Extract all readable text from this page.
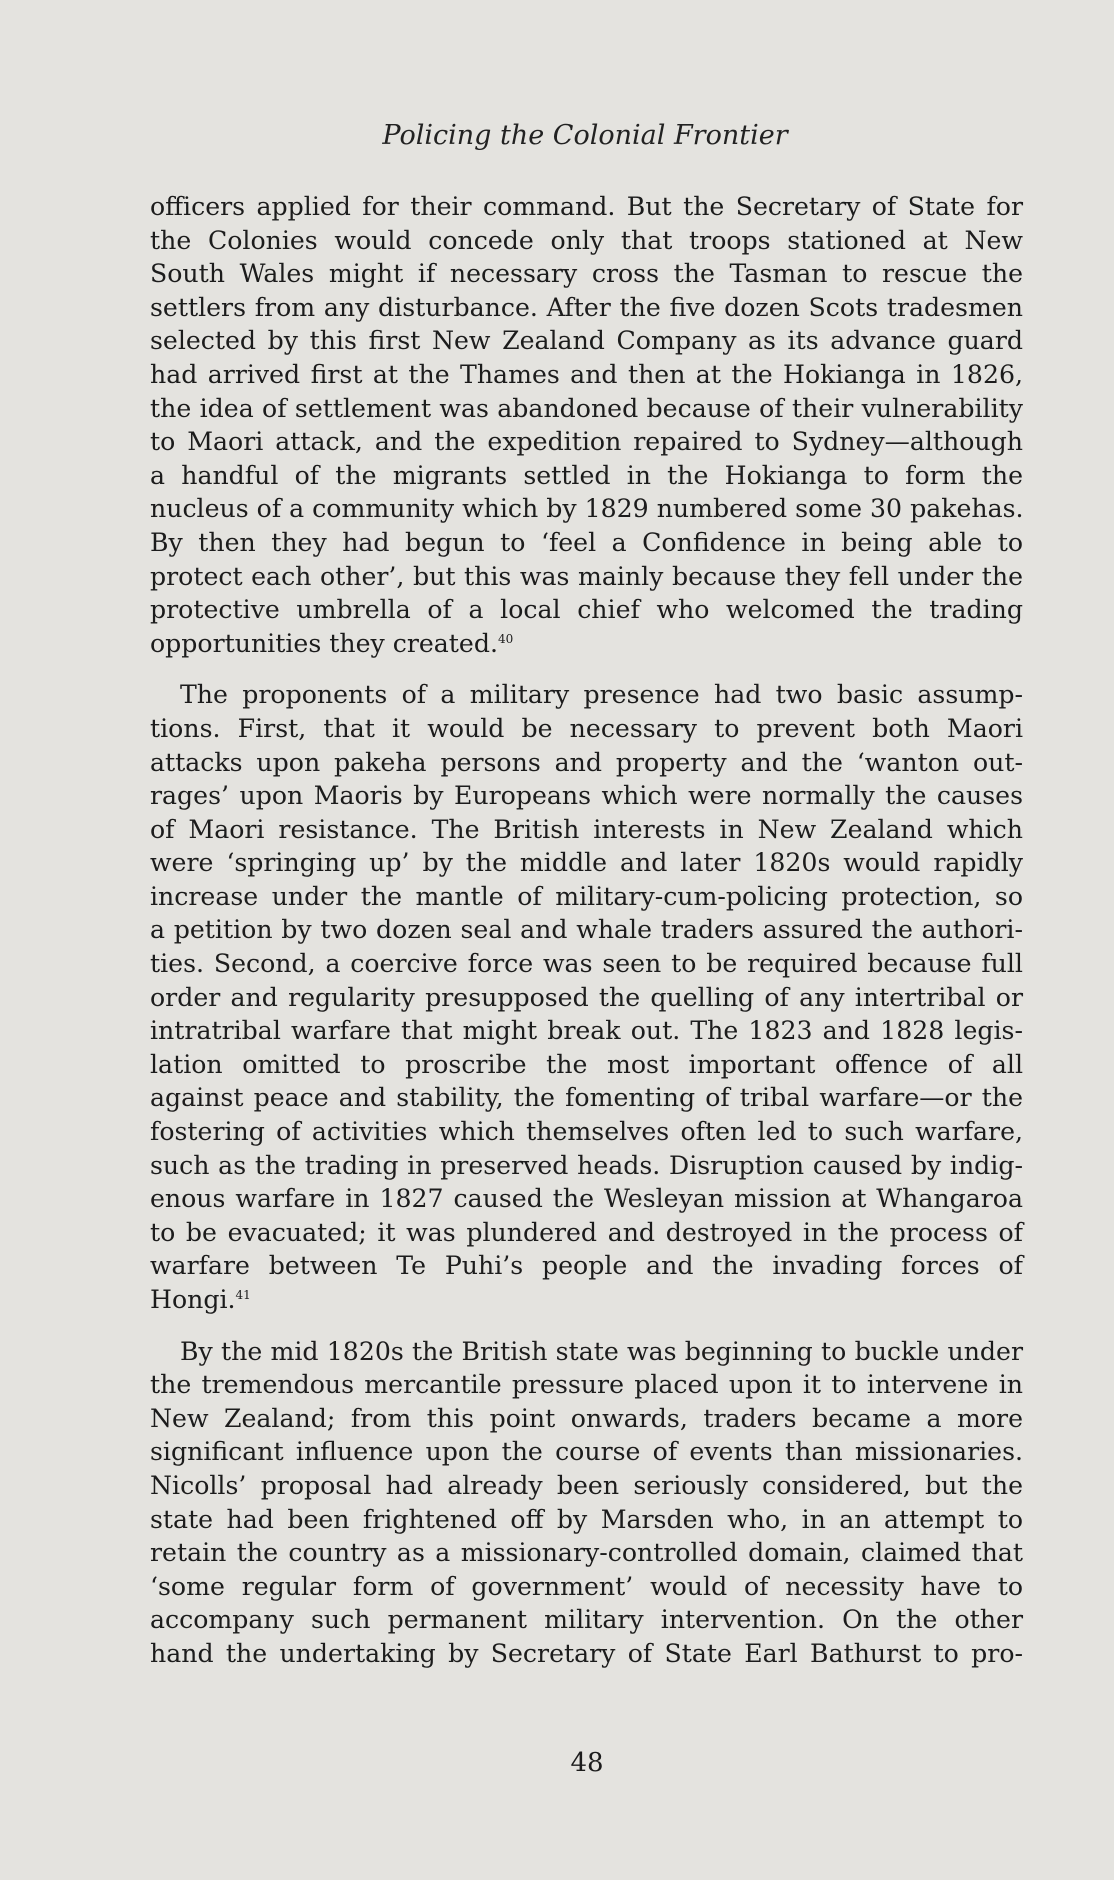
Policing the Colonial Frontier
officers applied for their command. But the Secretary of State for
the Colonies would concede only that troops stationed at New
South Wales might if necessary cross the Tasman to rescue the
settlers from any disturbance. After the five dozen Scots tradesmen
selected by this first New Zealand Company as its advance guard
had arrived first at the Thames and then at the Hokianga in 1826,
the idea of settlement was abandoned because of their vulnerability
to Maori attack, and the expedition repaired to Sydney—although
a handful of the migrants settled in the Hokianga to form the
nucleus of a community which by 1829 numbered some 30 pakehas.
By then they had begun to ‘feel a Confidence in being able to
protect each other’, but this was mainly because they fell under the
protective umbrella of a local chief who welcomed the trading
opportunities they created.$^{40}$
The proponents of a military presence had two basic assump-
tions. First, that it would be necessary to prevent both Maori
attacks upon pakeha persons and property and the ‘wanton out-
rages’ upon Maoris by Europeans which were normally the causes
of Maori resistance. The British interests in New Zealand which
were ‘springing up’ by the middle and later 1820s would rapidly
increase under the mantle of military-cum-policing protection, so
a petition by two dozen seal and whale traders assured the authori-
ties. Second, a coercive force was seen to be required because full
order and regularity presupposed the quelling of any intertribal or
intratribal warfare that might break out. The 1823 and 1828 legis-
lation omitted to proscribe the most important offence of all
against peace and stability, the fomenting of tribal warfare—or the
fostering of activities which themselves often led to such warfare,
such as the trading in preserved heads. Disruption caused by indig-
enous warfare in 1827 caused the Wesleyan mission at Whangaroa
to be evacuated; it was plundered and destroyed in the process of
warfare between Te Puhi’s people and the invading forces of
Hongi.$^{41}$
By the mid 1820s the British state was beginning to buckle under
the tremendous mercantile pressure placed upon it to intervene in
New Zealand; from this point onwards, traders became a more
significant influence upon the course of events than missionaries.
Nicolls’ proposal had already been seriously considered, but the
state had been frightened off by Marsden who, in an attempt to
retain the country as a missionary-controlled domain, claimed that
‘some regular form of government’ would of necessity have to
accompany such permanent military intervention. On the other
hand the undertaking by Secretary of State Earl Bathurst to pro-
48
